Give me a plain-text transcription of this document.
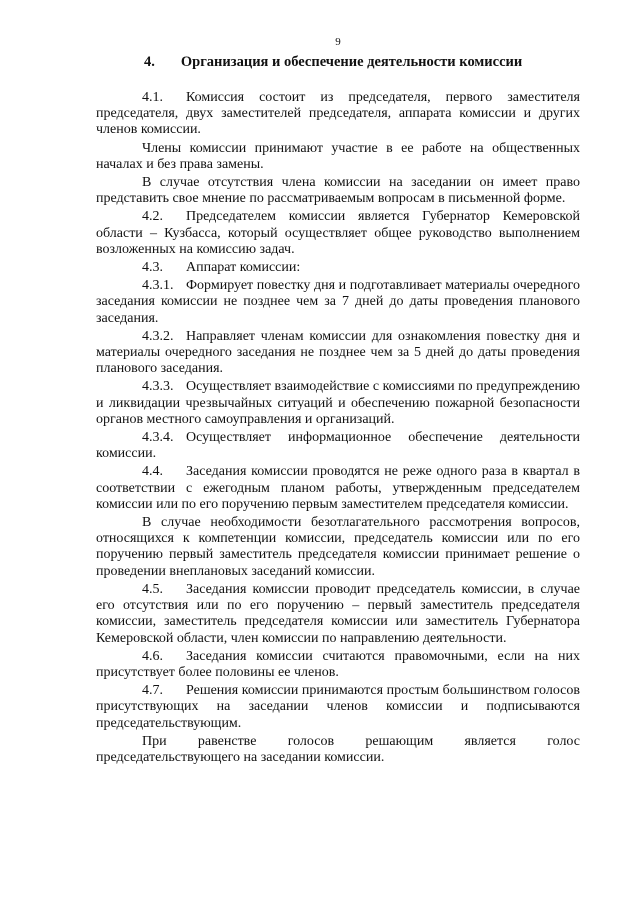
9
4. Организация и обеспечение деятельности комиссии

4.1. Комиссия состоит из председателя, первого заместителя председателя, двух заместителей председателя, аппарата комиссии и других членов комиссии.

Члены комиссии принимают участие в ее работе на общественных началах и без права замены.

В случае отсутствия члена комиссии на заседании он имеет право представить свое мнение по рассматриваемым вопросам в письменной форме.

4.2. Председателем комиссии является Губернатор Кемеровской области – Кузбасса, который осуществляет общее руководство выполнением возложенных на комиссию задач.

4.3. Аппарат комиссии:

4.3.1. Формирует повестку дня и подготавливает материалы очередного заседания комиссии не позднее чем за 7 дней до даты проведения планового заседания.

4.3.2. Направляет членам комиссии для ознакомления повестку дня и материалы очередного заседания не позднее чем за 5 дней до даты проведения планового заседания.

4.3.3. Осуществляет взаимодействие с комиссиями по предупреждению и ликвидации чрезвычайных ситуаций и обеспечению пожарной безопасности органов местного самоуправления и организаций.

4.3.4. Осуществляет информационное обеспечение деятельности комиссии.

4.4. Заседания комиссии проводятся не реже одного раза в квартал в соответствии с ежегодным планом работы, утвержденным председателем комиссии или по его поручению первым заместителем председателя комиссии.

В случае необходимости безотлагательного рассмотрения вопросов, относящихся к компетенции комиссии, председатель комиссии или по его поручению первый заместитель председателя комиссии принимает решение о проведении внеплановых заседаний комиссии.

4.5. Заседания комиссии проводит председатель комиссии, в случае его отсутствия или по его поручению – первый заместитель председателя комиссии, заместитель председателя комиссии или заместитель Губернатора Кемеровской области, член комиссии по направлению деятельности.

4.6. Заседания комиссии считаются правомочными, если на них присутствует более половины ее членов.

4.7. Решения комиссии принимаются простым большинством голосов присутствующих на заседании членов комиссии и подписываются председательствующим.

При равенстве голосов решающим является голос председательствующего на заседании комиссии.
